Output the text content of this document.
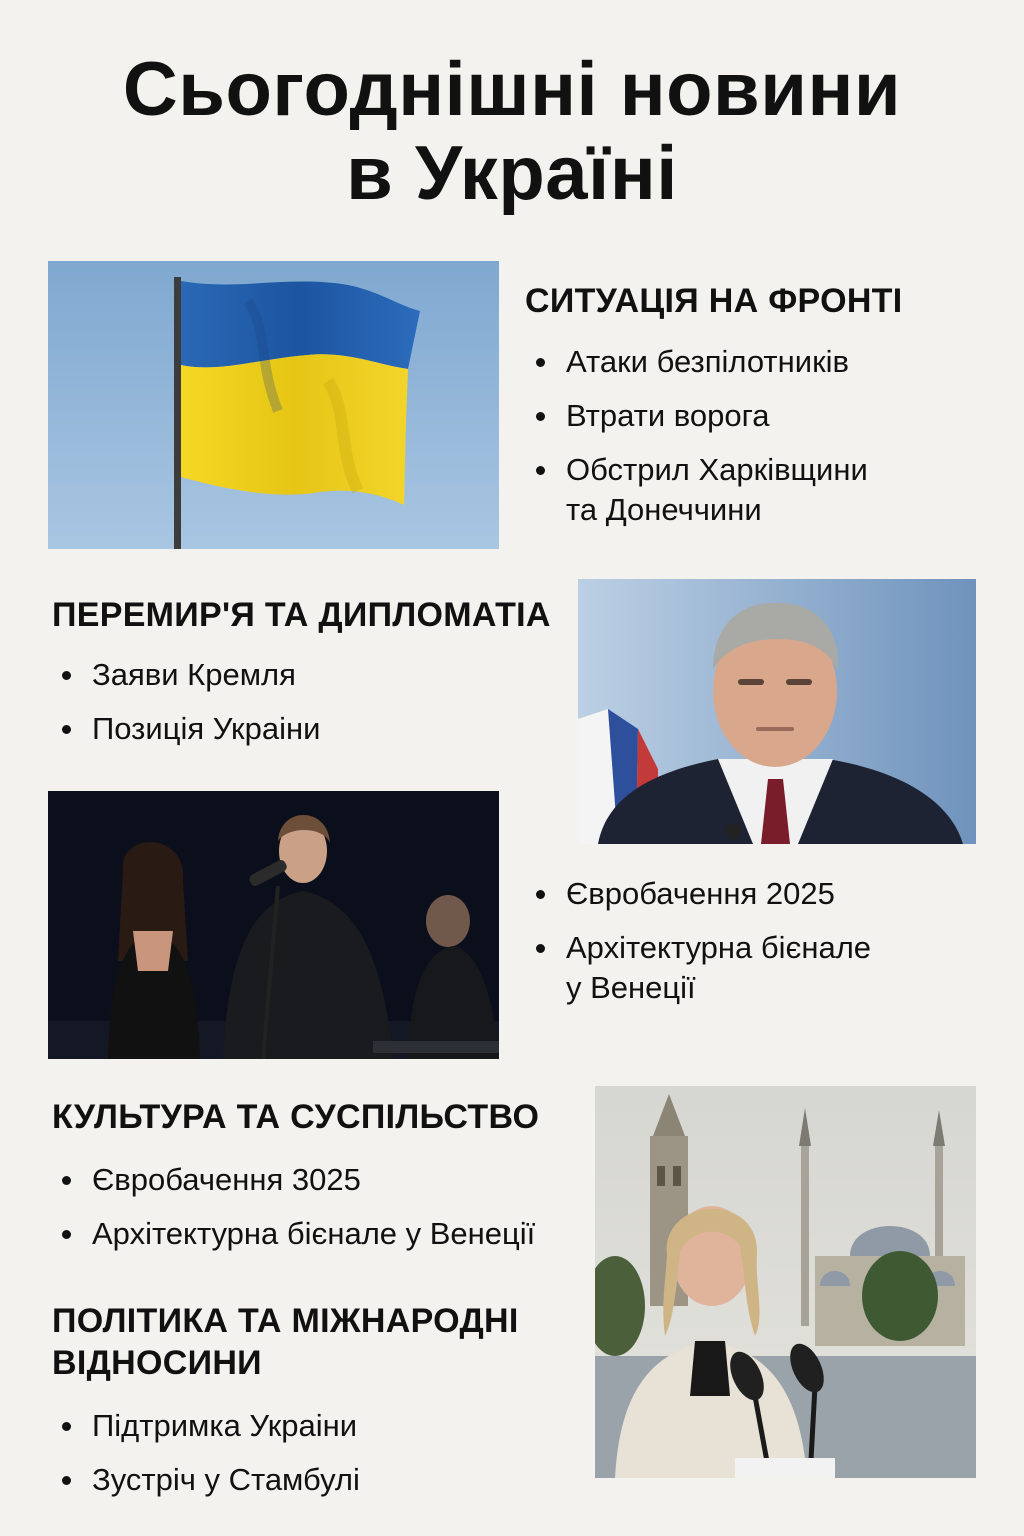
Сьогоднішні новини
в Україні
СИТУАЦІЯ НА ФРОНТІ
Атаки безпілотників
Втрати ворога
Обстрил Харківщини
та Донеччини
ПЕРЕМИР'Я ТА ДИПЛОМАТІА
Заяви Кремля
Позиція Украіни
Євробачення 2025
Архітектурна бієнале
у Венеції
КУЛЬТУРА ТА СУСПІЛЬСТВО
Євробачення 3025
Архітектурна бієнале у Венеції
ПОЛІТИКА ТА МІЖНАРОДНІ
ВІДНОСИНИ
Підтримка Украіни
Зустріч у Стамбулі
